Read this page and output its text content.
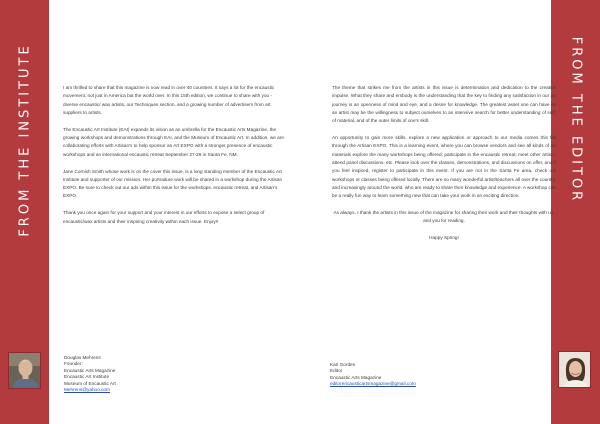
FROM THE INSTITUTE	FROM THE EDITOR

I am thrilled to share that this magazine is now read in over 40 countries. It says a lot for the encaustic movement, not just in America but the world over. In this 15th edition, we continue to share with you - diverse encaustic/ wax artists, our Techniques section, and a growing number of advertisers from art suppliers to artists.

The Encaustic Art Institute (EAI) expands its vision as an umbrella for the Encaustic Arts Magazine, the growing workshops and demonstrations through EAI, and the Museum of Encaustic Art. In addition, we are collaborating efforts with Artisan's to help sponsor an Art EXPO with a stronger presence of encaustic workshops and an international encaustic retreat September 27-29 in Santa Fe, NM.

Jane Cornish Smith whose work is on the cover this issue, is a long standing member of the Encaustic Art Institute and supporter of our mission. Her portraiture work will be shared in a workshop during the Artisan EXPO. Be sure to check out our ads within this issue for the workshops, encaustic retreat, and Artisan's EXPO.

Thank you once again for your support and your interest in our efforts to expose a select group of encaustic/wax artists and their inspiring creativity within each issue. Enjoy!!

The theme that strikes me from the artists in this issue is determination and dedication to the creative impulse. What they share and embody is the understanding that the key to finding any satisfaction in our art journey is an openness of mind and eye, and a desire for knowledge. The greatest asset one can have as an artist may be the willingness to subject ourselves to an intensive search for better understanding of self, of material, and of the outer limits of one's skill.

An opportunity to gain more skills, explore a new application or approach to our media comes this fall through the Artisan EXPO. This is a learning event, where you can browse vendors and see all kinds of art materials explore the many workshops being offered: participate in the encaustic retreat; meet other artists, attend panel discussions, etc. Please look over the classes, demonstrations, and discussions on offer, and if you feel inspired, register to participate in this event. If you are not in the Santa Fe area, check out workshops or classes being offered locally. There are so many wonderful artist/teachers all over the country, and increasingly around the world, who are ready to share their knowledge and experience. A workshop can be a really fun way to learn something new that can take your work in an exciting direction.

As always, I thank the artists in this issue of the magazine for sharing their work and their thoughts with us, and you for reading.

Happy Spring!

Douglas Mehrens
Founder:
Encaustic Arts Magazine
Encaustic Art Institute
Museum of Encaustic Art
Mehrens@yahoo.com
Kari Gorden
Editor
Encaustic Arts Magazine
editorencausticartsmagazine@gmail.com
